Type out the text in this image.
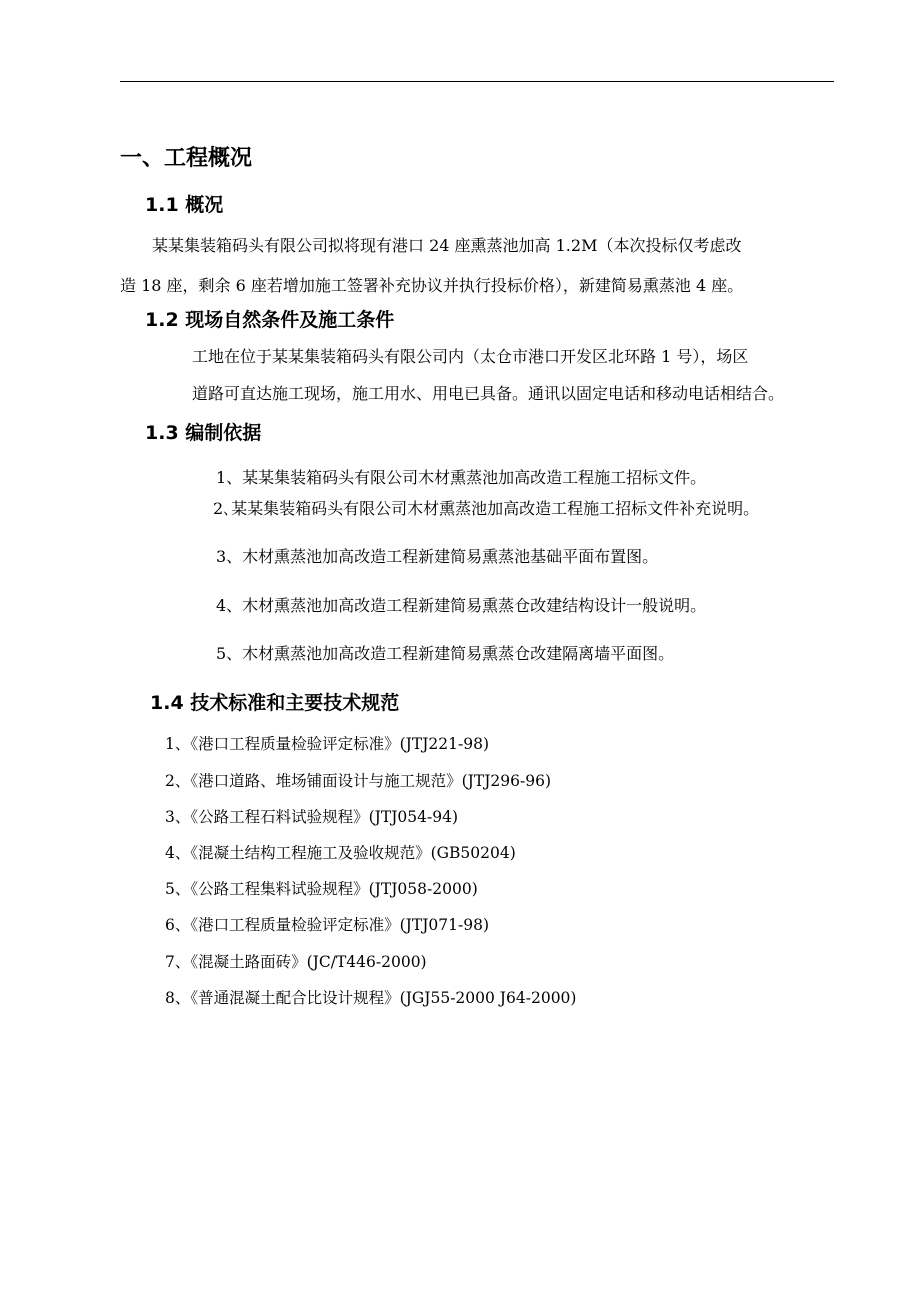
一、工程概况
1.1 概况
某某集装箱码头有限公司拟将现有港口 24 座熏蒸池加高 1.2M（本次投标仅考虑改
造 18 座，剩余 6 座若增加施工签署补充协议并执行投标价格），新建简易熏蒸池 4 座。
1.2 现场自然条件及施工条件
工地在位于某某集装箱码头有限公司内（太仓市港口开发区北环路 1 号），场区
道路可直达施工现场，施工用水、用电已具备。通讯以固定电话和移动电话相结合。
1.3 编制依据
1、某某集装箱码头有限公司木材熏蒸池加高改造工程施工招标文件。
2､某某集装箱码头有限公司木材熏蒸池加高改造工程施工招标文件补充说明。
3、木材熏蒸池加高改造工程新建简易熏蒸池基础平面布置图。
4、木材熏蒸池加高改造工程新建简易熏蒸仓改建结构设计一般说明。
5、木材熏蒸池加高改造工程新建简易熏蒸仓改建隔离墙平面图。
1.4 技术标准和主要技术规范
1、《港口工程质量检验评定标准》(JTJ221-98)
2、《港口道路、堆场铺面设计与施工规范》(JTJ296-96)
3、《公路工程石料试验规程》(JTJ054-94)
4、《混凝土结构工程施工及验收规范》(GB50204)
5、《公路工程集料试验规程》(JTJ058-2000)
6、《港口工程质量检验评定标准》(JTJ071-98)
7、《混凝土路面砖》(JC/T446-2000)
8、《普通混凝土配合比设计规程》(JGJ55-2000 J64-2000)
